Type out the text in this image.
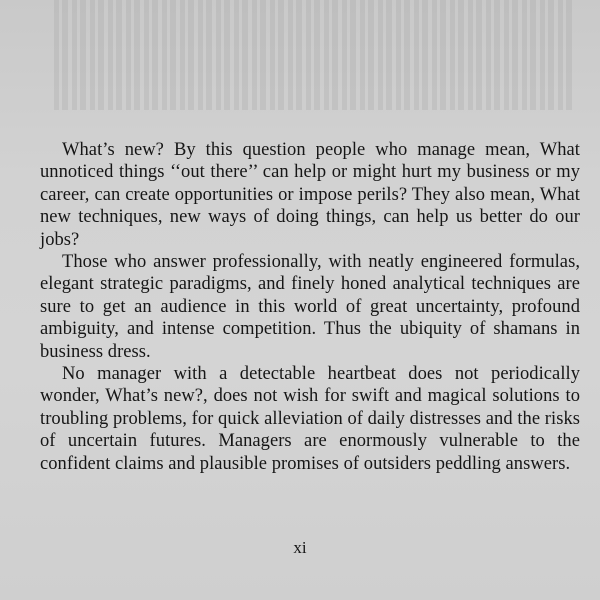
What’s new? By this question people who manage mean, What unnoticed things ‘‘out there’’ can help or might hurt my business or my career, can create opportunities or impose perils? They also mean, What new techniques, new ways of doing things, can help us better do our jobs?

Those who answer professionally, with neatly engineered formulas, elegant strategic paradigms, and finely honed analytical techniques are sure to get an audience in this world of great uncertainty, profound ambiguity, and intense competition. Thus the ubiquity of shamans in business dress.

No manager with a detectable heartbeat does not periodically wonder, What’s new?, does not wish for swift and magical solutions to troubling problems, for quick alleviation of daily distresses and the risks of uncertain futures. Managers are enormously vulnerable to the confident claims and plausible promises of outsiders peddling answers.

xi
